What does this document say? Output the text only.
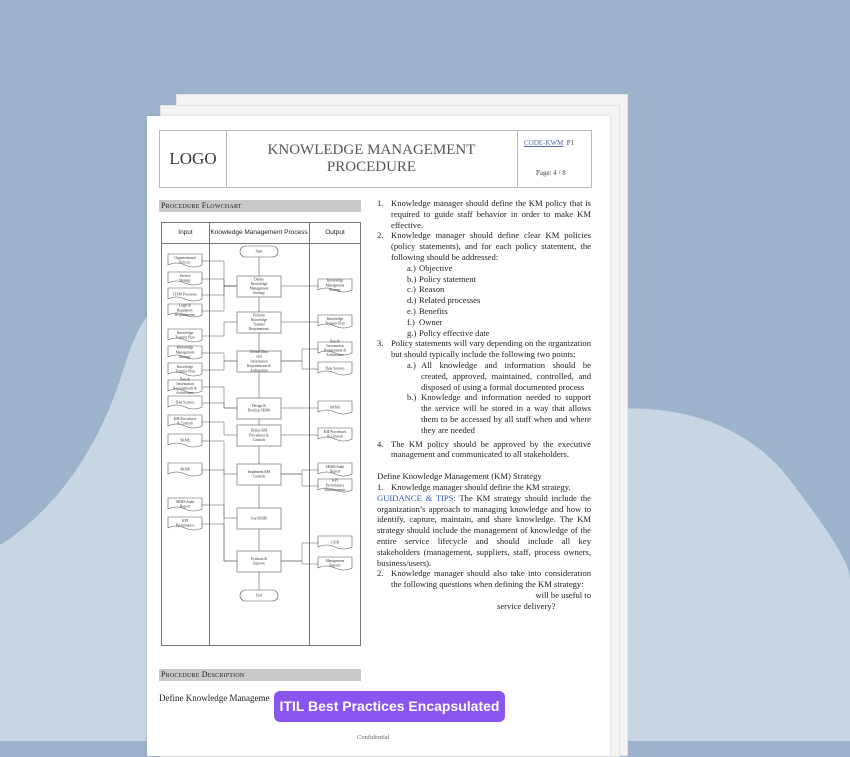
LOGO	KNOWLEDGE MANAGEMENT
PROCEDURE
CODE-KWM P1
Page: 4 / 8
Procedure Flowchart
Input	Knowledge Management Process	Output
Organizational Policies
Service Strategy
ITSM Processes
Legal & Regulatory Requirements
Knowledge Transfer Plan
Knowledge Management Strategy
Knowledge Transfer Plan
Data & Information Requirements & Architecture
Data Sources
KM Procedures & Controls
SKMS
SKMS
SKMS Audit Report
KPI Performance
Start
Define Knowledge Management Strategy
Perform Knowledge Transfer Requirements
Define Data and Information Requirements & Architecture
Design & Develop SKMS
Define KM Procedures & Controls
Implement KM Controls
Use SKMS
Evaluate & Improve
End
Knowledge Management Strategy
Knowledge Transfer Plan
Data & Information Requirement & Architecture
Data Sources
SKMS
KM Procedures & Controls
SKMS Audit Report
KPI Performance Measurements
CSIR
Management Reports
1. Knowledge manager should define the KM policy that is required to guide staff behavior in order to make KM effective.

2. Knowledge manager should define clear KM policies (policy statements), and for each policy statement, the following should be addressed:

a.) Objective
b.) Policy statement
c.) Reason
d.) Related processes
e.) Benefits
f.) Owner
g.) Policy effective date
3. Policy statements will vary depending on the organization but should typically include the following two points:

a.) All knowledge and information should be created, approved, maintained, controlled, and disposed of using a formal documented process

b.) Knowledge and information needed to support the service will be stored in a way that allows them to be accessed by all staff when and where they are needed

4. The KM policy should be approved by the executive management and communicated to all stakeholders.

Define Knowledge Management (KM) Strategy

1. Knowledge manager should define the KM strategy.

GUIDANCE & TIPS: The KM strategy should include the organization’s approach to managing knowledge and how to identify, capture, maintain, and share knowledge. The KM strategy should include the management of knowledge of the entire service lifecycle and should include all key stakeholders (management, suppliers, staff, process owners, business/users).

2. Knowledge manager should also take into consideration the following questions when defining the KM strategy:

will be useful to

service delivery?

Procedure Description
Define Knowledge Manageme
Confidential
ITIL Best Practices Encapsulated
